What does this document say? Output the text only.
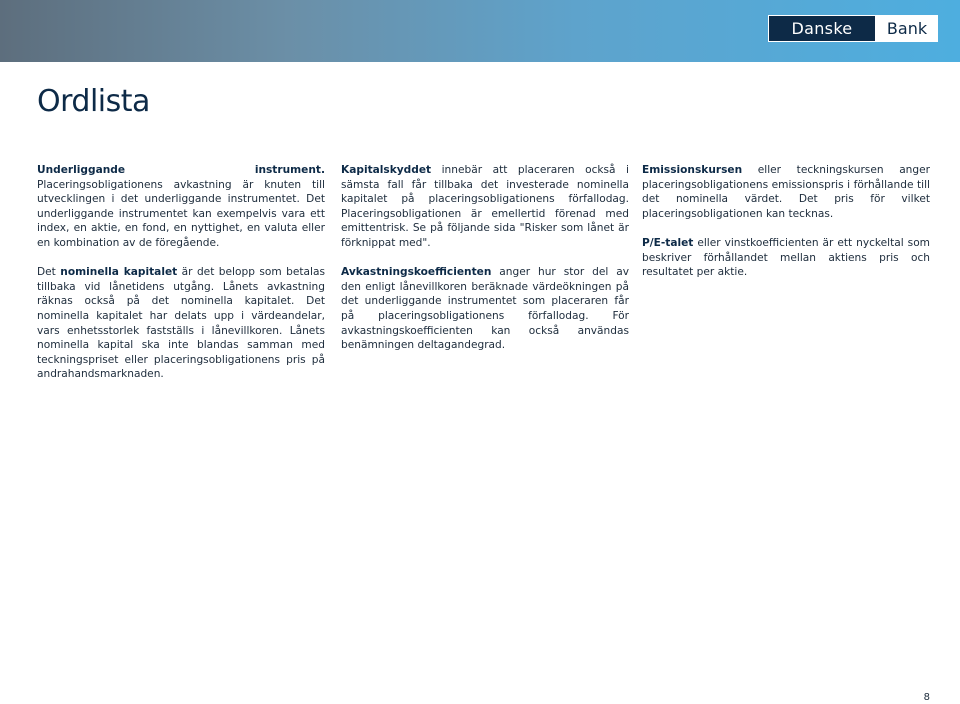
Danske	Bank
Ordlista

Underliggande instrument. Placeringsobligationens avkastning är knuten till utvecklingen i det underliggande instrumentet. Det underliggande instrumentet kan exempelvis vara ett index, en aktie, en fond, en nyttighet, en valuta eller en kombination av de föregående.

Det nominella kapitalet är det belopp som betalas tillbaka vid lånetidens utgång. Lånets avkastning räknas också på det nominella kapitalet. Det nominella kapitalet har delats upp i värdeandelar, vars enhetsstorlek fastställs i lånevillkoren. Lånets nominella kapital ska inte blandas samman med teckningspriset eller placeringsobligationens pris på andrahandsmarknaden.

Kapitalskyddet innebär att placeraren också i sämsta fall får tillbaka det investerade nominella kapitalet på placeringsobligationens förfallodag. Placeringsobligationen är emellertid förenad med emittentrisk. Se på följande sida "Risker som lånet är förknippat med".

Avkastningskoefficienten anger hur stor del av den enligt lånevillkoren beräknade värdeökningen på det underliggande instrumentet som placeraren får på placeringsobligationens förfallodag. För avkastningskoefficienten kan också användas benämningen deltagandegrad.

Emissionskursen eller teckningskursen anger placeringsobligationens emissionspris i förhållande till det nominella värdet. Det pris för vilket placeringsobligationen kan tecknas.

P/E-talet eller vinstkoefficienten är ett nyckeltal som beskriver förhållandet mellan aktiens pris och resultatet per aktie.

8
